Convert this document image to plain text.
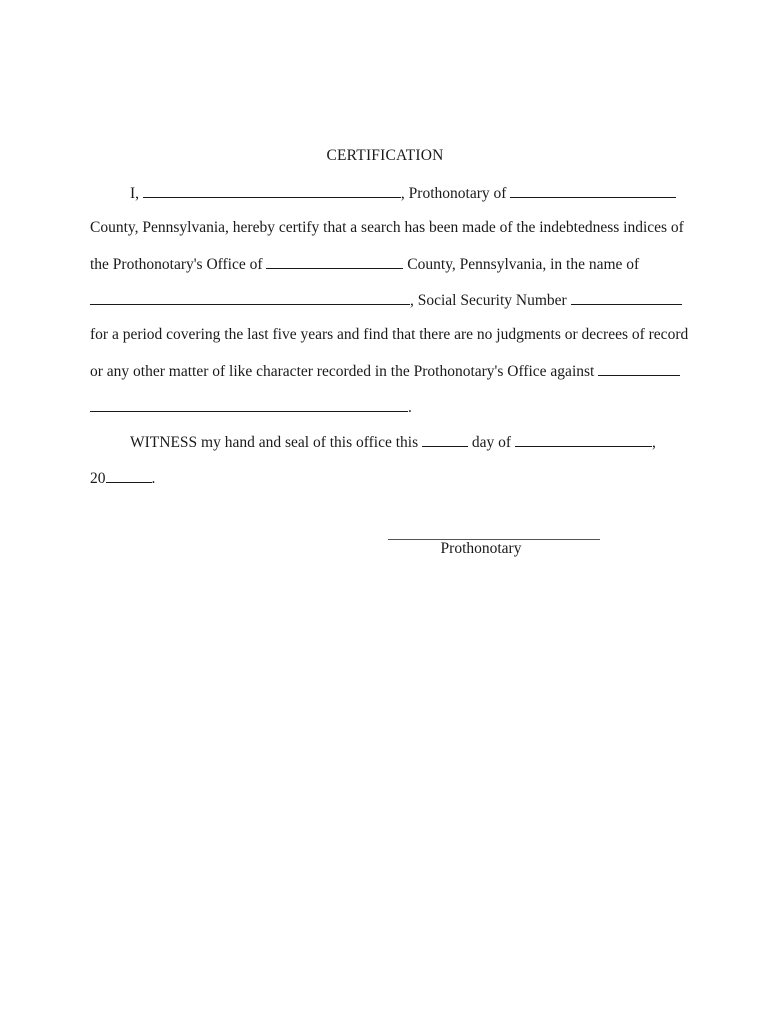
CERTIFICATION
I,	, Prothonotary of
County, Pennsylvania, hereby certify that a search has been made of the indebtedness indices of
the Prothonotary's Office of	County, Pennsylvania, in the name of
, Social Security Number
for a period covering the last five years and find that there are no judgments or decrees of record
or any other matter of like character recorded in the Prothonotary's Office against
.
WITNESS my hand and seal of this office this	day of	,
20	.
Prothonotary
